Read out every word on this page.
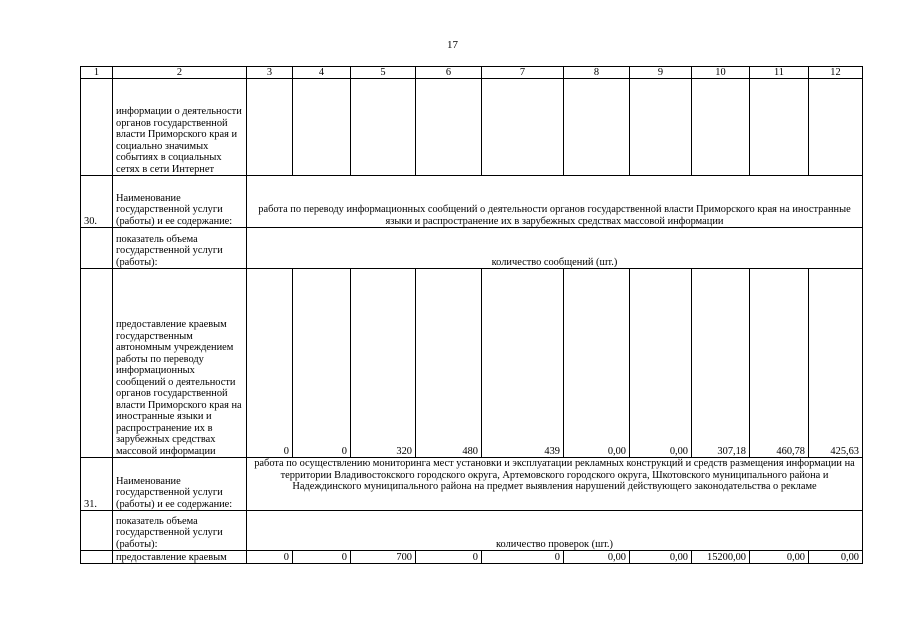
17
1	2	3	4	5	6	7	8	9	10	11	12
	информации о деятельности органов государственной власти Приморского края и социально значимых событиях в социальных сетях в сети Интернет										
30.	Наименование государственной услуги (работы) и ее содержание:	работа по переводу информационных сообщений о деятельности органов государственной власти Приморского края на иностранные языки и распространение их в зарубежных средствах массовой информации									
	показатель объема государственной услуги (работы):	количество сообщений (шт.)									
	предоставление краевым государственным автономным учреждением работы по переводу информационных сообщений о деятельности органов государственной власти Приморского края на иностранные языки и распространение их в зарубежных средствах массовой информации	0	0	320	480	439	0,00	0,00	307,18	460,78	425,63
31.	Наименование государственной услуги (работы) и ее содержание:	работа по осуществлению мониторинга мест установки и эксплуатации рекламных конструкций и средств размещения информации на территории Владивостокского городского округа, Артемовского городского округа, Шкотовского муниципального района и Надеждинского муниципального района на предмет выявления нарушений действующего законодательства о рекламе									
	показатель объема государственной услуги (работы):	количество проверок (шт.)									
	предоставление краевым	0	0	700	0	0	0,00	0,00	15200,00	0,00	0,00
